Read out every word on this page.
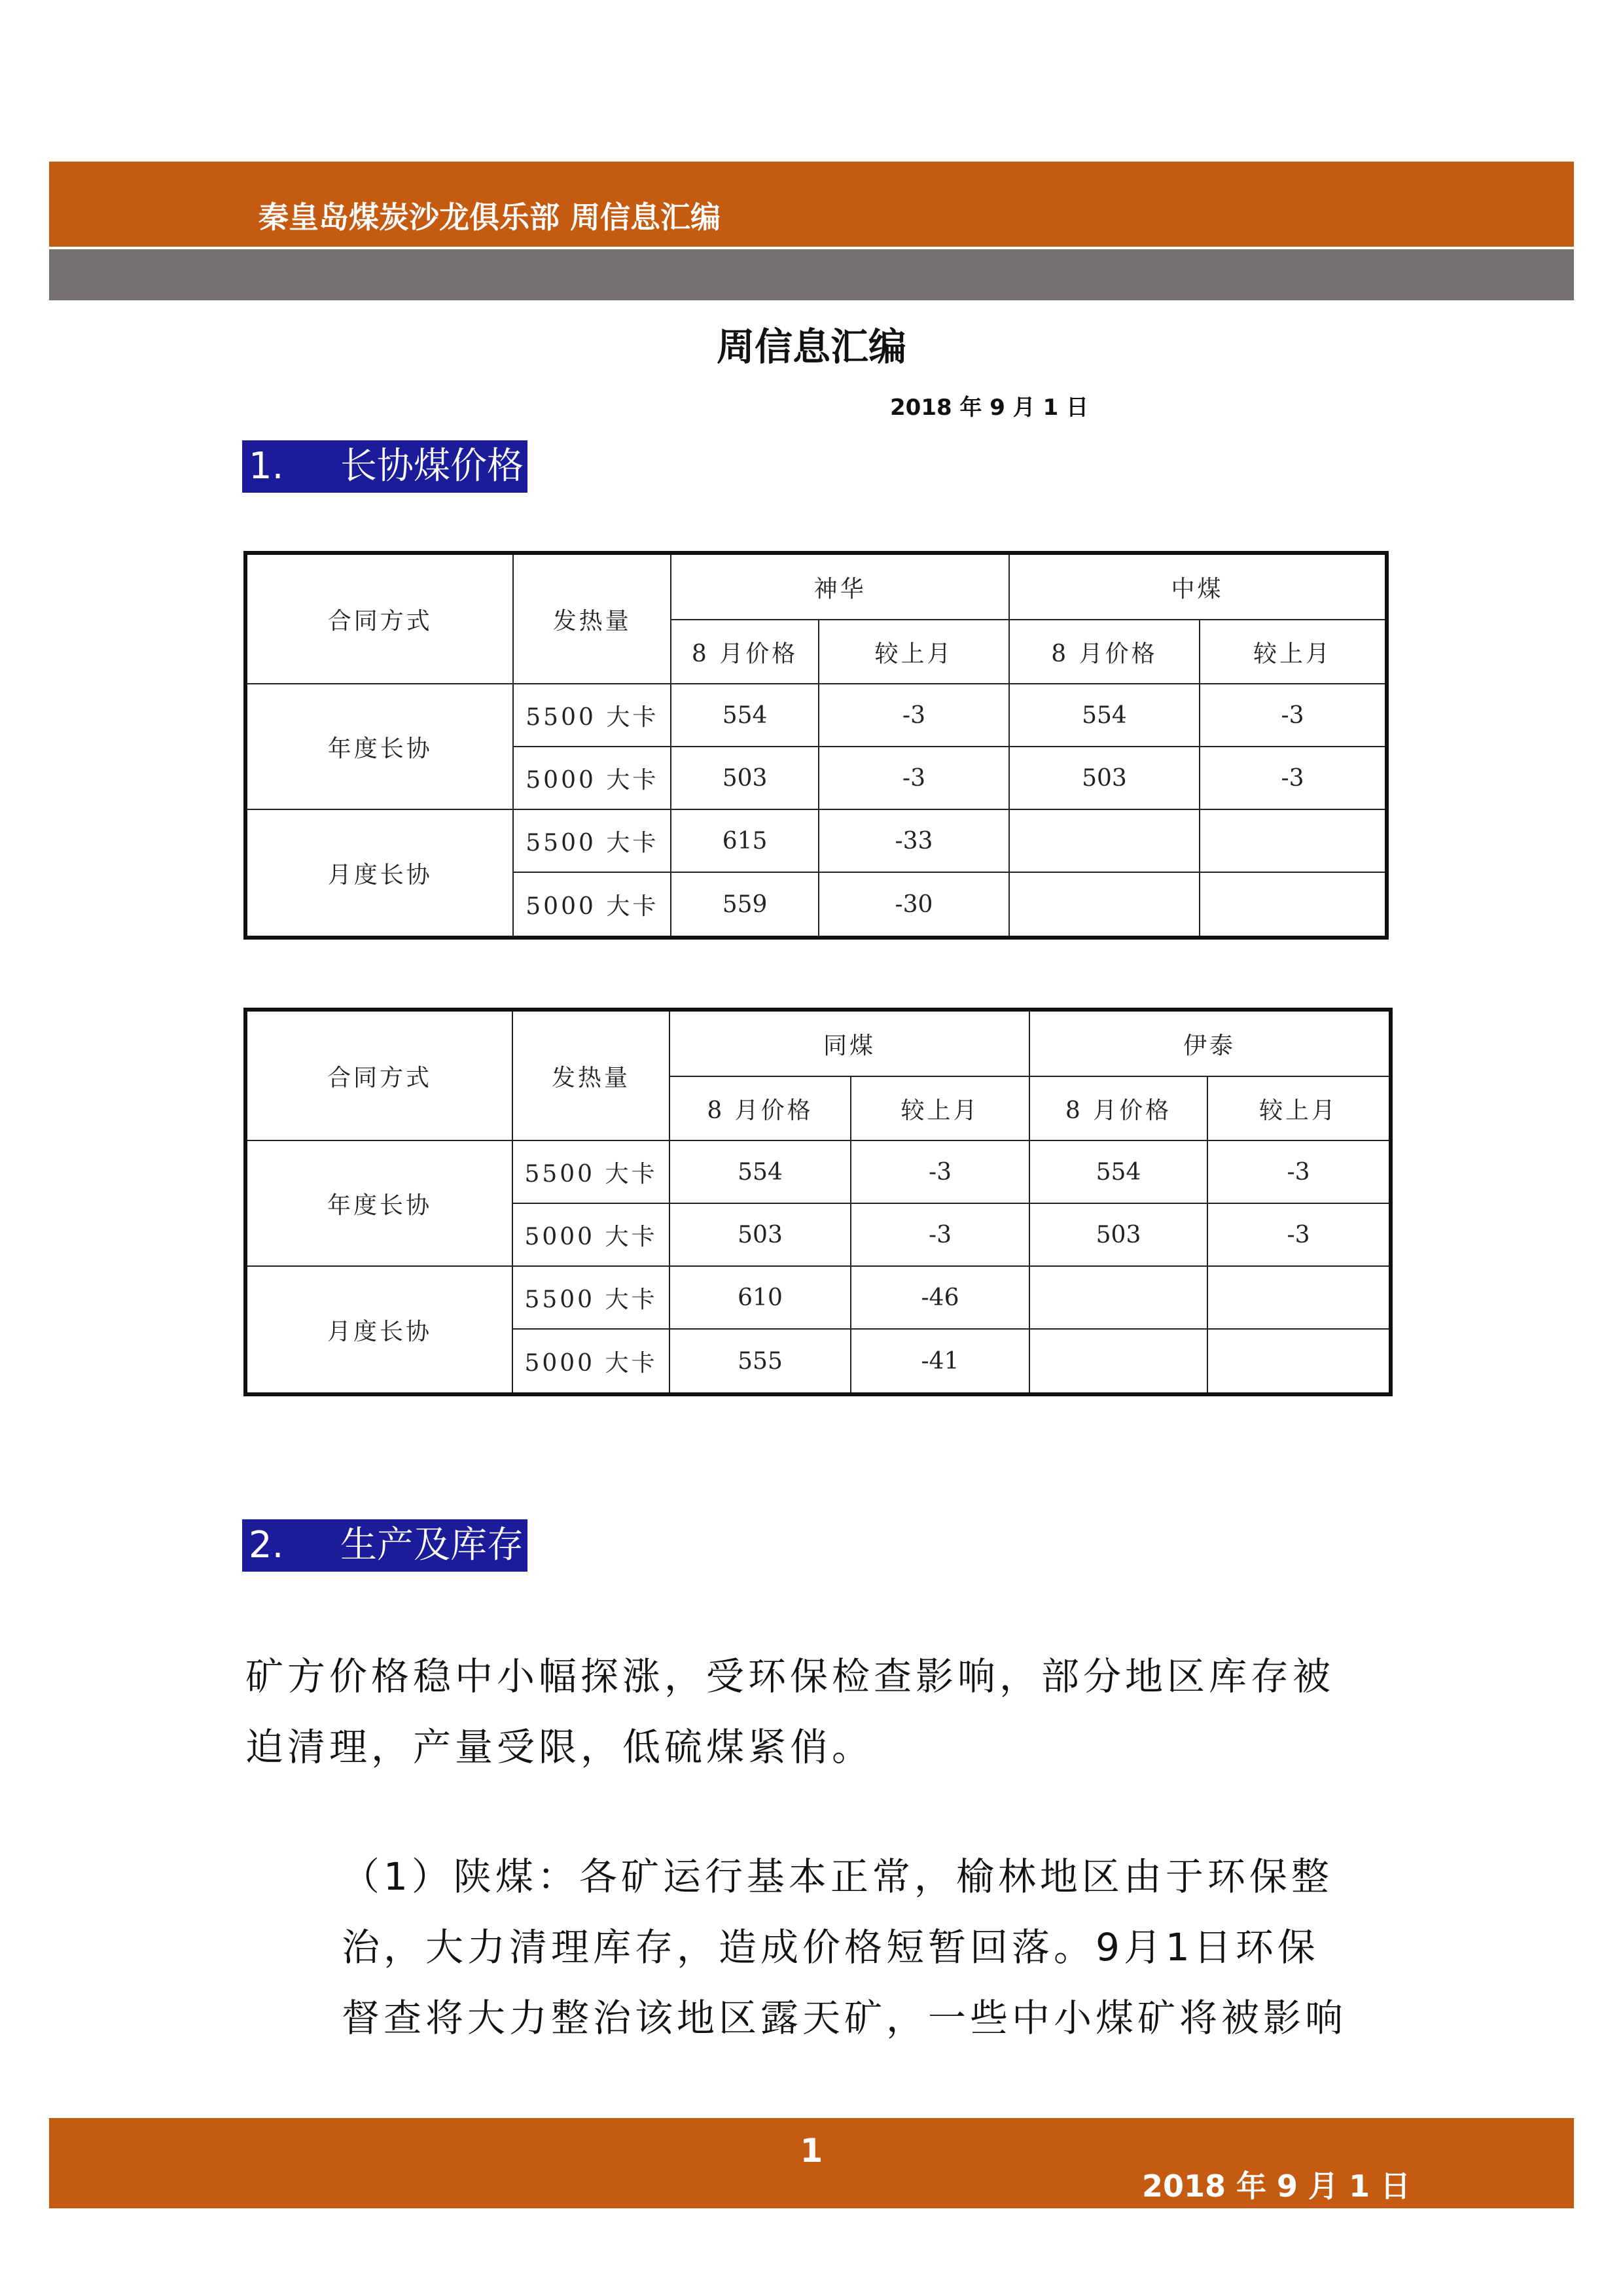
秦皇岛煤炭沙龙俱乐部 周信息汇编
周信息汇编
2018 年 9 月 1 日
1.	长协煤价格
合同方式	发热量	神华		中煤	
		8 月价格	较上月	8 月价格	较上月
年度长协	5500 大卡	554	-3	554	-3
	5000 大卡	503	-3	503	-3
月度长协	5500 大卡	615	-33		
	5000 大卡	559	-30		
合同方式	发热量	同煤		伊泰	
		8 月价格	较上月	8 月价格	较上月
年度长协	5500 大卡	554	-3	554	-3
	5000 大卡	503	-3	503	-3
月度长协	5500 大卡	610	-46		
	5000 大卡	555	-41		
2.	生产及库存
矿方价格稳中小幅探涨，受环保检查影响，部分地区库存被
迫清理，产量受限，低硫煤紧俏。
（1）陕煤：各矿运行基本正常，榆林地区由于环保整
治，大力清理库存，造成价格短暂回落。9月1日环保
督查将大力整治该地区露天矿，一些中小煤矿将被影响
1
2018 年 9 月 1 日
